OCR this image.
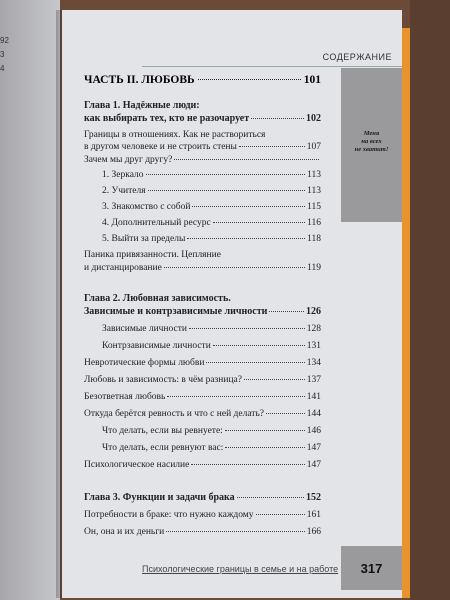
92
3
4
СОДЕРЖАНИЕ
Меня
на всех
не хватит!
ЧАСТЬ II. ЛЮБОВЬ	101
Глава 1. Надёжные люди:
как выбирать тех, кто не разочарует	102
Границы в отношениях. Как не раствориться
в другом человеке и не строить стены	107
Зачем мы друг другу?
1. Зеркало	113
2. Учителя	113
3. Знакомство с собой	115
4. Дополнительный ресурс	116
5. Выйти за пределы	118
Паника привязанности. Цепляние
и дистанцирование	119
Глава 2. Любовная зависимость.
Зависимые и контрзависимые личности	126
Зависимые личности	128
Контрзависимые личности	131
Невротические формы любви	134
Любовь и зависимость: в чём разница?	137
Безответная любовь	141
Откуда берётся ревность и что с ней делать?	144
Что делать, если вы ревнуете:	146
Что делать, если ревнуют вас:	147
Психологическое насилие	147
Глава 3. Функции и задачи брака	152
Потребности в браке: что нужно каждому	161
Он, она и их деньги	166
Психологические границы в семье и на работе 317
